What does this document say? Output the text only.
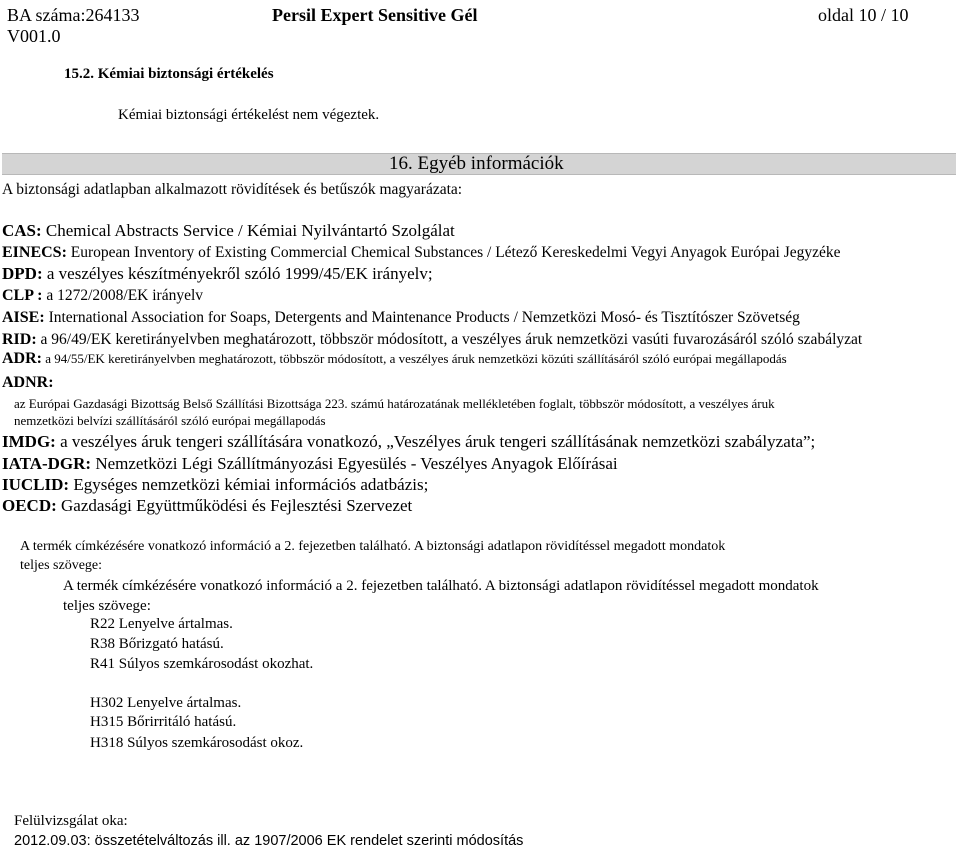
BA száma:264133
V001.0
Persil Expert Sensitive Gél	oldal 10 / 10
15.2. Kémiai biztonsági értékelés
Kémiai biztonsági értékelést nem végeztek.
16. Egyéb információk
A biztonsági adatlapban alkalmazott rövidítések és betűszók magyarázata:
CAS: Chemical Abstracts Service / Kémiai Nyilvántartó Szolgálat
EINECS: European Inventory of Existing Commercial Chemical Substances / Létező Kereskedelmi Vegyi Anyagok Európai Jegyzéke
DPD: a veszélyes készítményekről szóló 1999/45/EK irányelv;
CLP : a 1272/2008/EK irányelv
AISE: International Association for Soaps, Detergents and Maintenance Products / Nemzetközi Mosó- és Tisztítószer Szövetség
RID: a 96/49/EK keretirányelvben meghatározott, többször módosított, a veszélyes áruk nemzetközi vasúti fuvarozásáról szóló szabályzat
ADR: a 94/55/EK keretirányelvben meghatározott, többször módosított, a veszélyes áruk nemzetközi közúti szállításáról szóló európai megállapodás
ADNR:
az Európai Gazdasági Bizottság Belső Szállítási Bizottsága 223. számú határozatának mellékletében foglalt, többször módosított, a veszélyes áruk
nemzetközi belvízi szállításáról szóló európai megállapodás
IMDG: a veszélyes áruk tengeri szállítására vonatkozó, „Veszélyes áruk tengeri szállításának nemzetközi szabályzata”;
IATA-DGR: Nemzetközi Légi Szállítmányozási Egyesülés - Veszélyes Anyagok Előírásai
IUCLID: Egységes nemzetközi kémiai információs adatbázis;
OECD: Gazdasági Együttműködési és Fejlesztési Szervezet
A termék címkézésére vonatkozó információ a 2. fejezetben található. A biztonsági adatlapon rövidítéssel megadott mondatok
teljes szövege:
A termék címkézésére vonatkozó információ a 2. fejezetben található. A biztonsági adatlapon rövidítéssel megadott mondatok
teljes szövege:
R22 Lenyelve ártalmas.
R38 Bőrizgató hatású.
R41 Súlyos szemkárosodást okozhat.
H302 Lenyelve ártalmas.
H315 Bőrirritáló hatású.
H318 Súlyos szemkárosodást okoz.
Felülvizsgálat oka:
2012.09.03: összetételváltozás ill. az 1907/2006 EK rendelet szerinti módosítás
